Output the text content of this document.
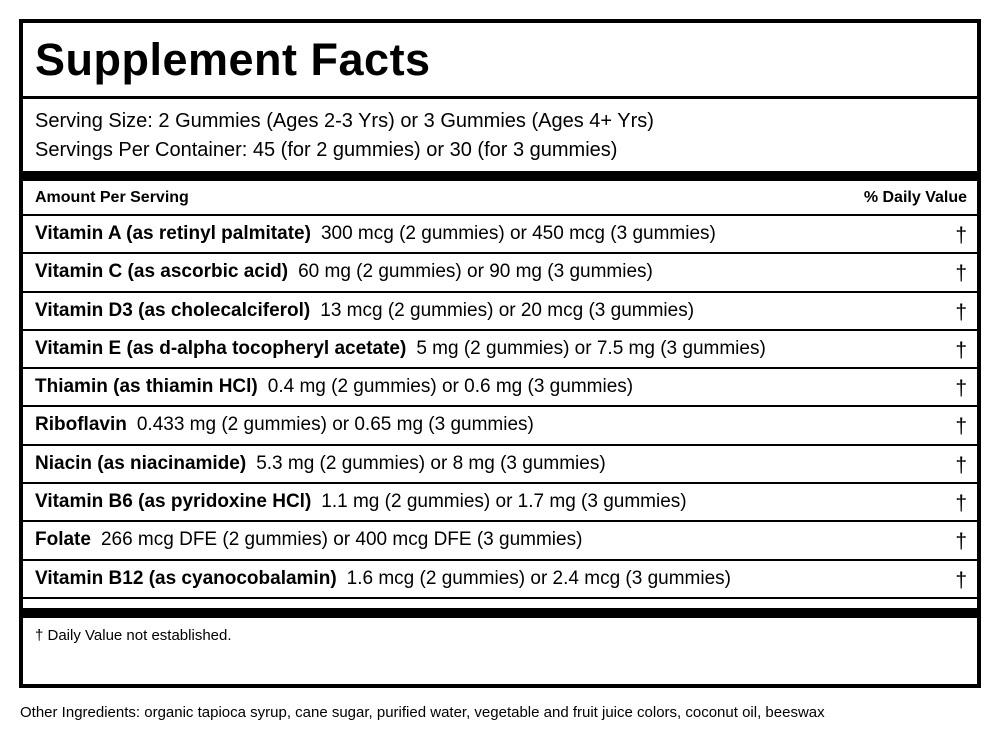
Supplement Facts
Serving Size: 2 Gummies (Ages 2-3 Yrs) or 3 Gummies (Ages 4+ Yrs)
Servings Per Container: 45 (for 2 gummies) or 30 (for 3 gummies)
Amount Per Serving	% Daily Value
Vitamin A (as retinyl palmitate) 300 mcg (2 gummies) or 450 mcg (3 gummies)	†
Vitamin C (as ascorbic acid) 60 mg (2 gummies) or 90 mg (3 gummies)	†
Vitamin D3 (as cholecalciferol) 13 mcg (2 gummies) or 20 mcg (3 gummies)	†
Vitamin E (as d-alpha tocopheryl acetate) 5 mg (2 gummies) or 7.5 mg (3 gummies)	†
Thiamin (as thiamin HCl) 0.4 mg (2 gummies) or 0.6 mg (3 gummies)	†
Riboflavin 0.433 mg (2 gummies) or 0.65 mg (3 gummies)	†
Niacin (as niacinamide) 5.3 mg (2 gummies) or 8 mg (3 gummies)	†
Vitamin B6 (as pyridoxine HCl) 1.1 mg (2 gummies) or 1.7 mg (3 gummies)	†
Folate 266 mcg DFE (2 gummies) or 400 mcg DFE (3 gummies)	†
Vitamin B12 (as cyanocobalamin) 1.6 mcg (2 gummies) or 2.4 mcg (3 gummies)	†
† Daily Value not established.
Other Ingredients: organic tapioca syrup, cane sugar, purified water, vegetable and fruit juice colors, coconut oil, beeswax
